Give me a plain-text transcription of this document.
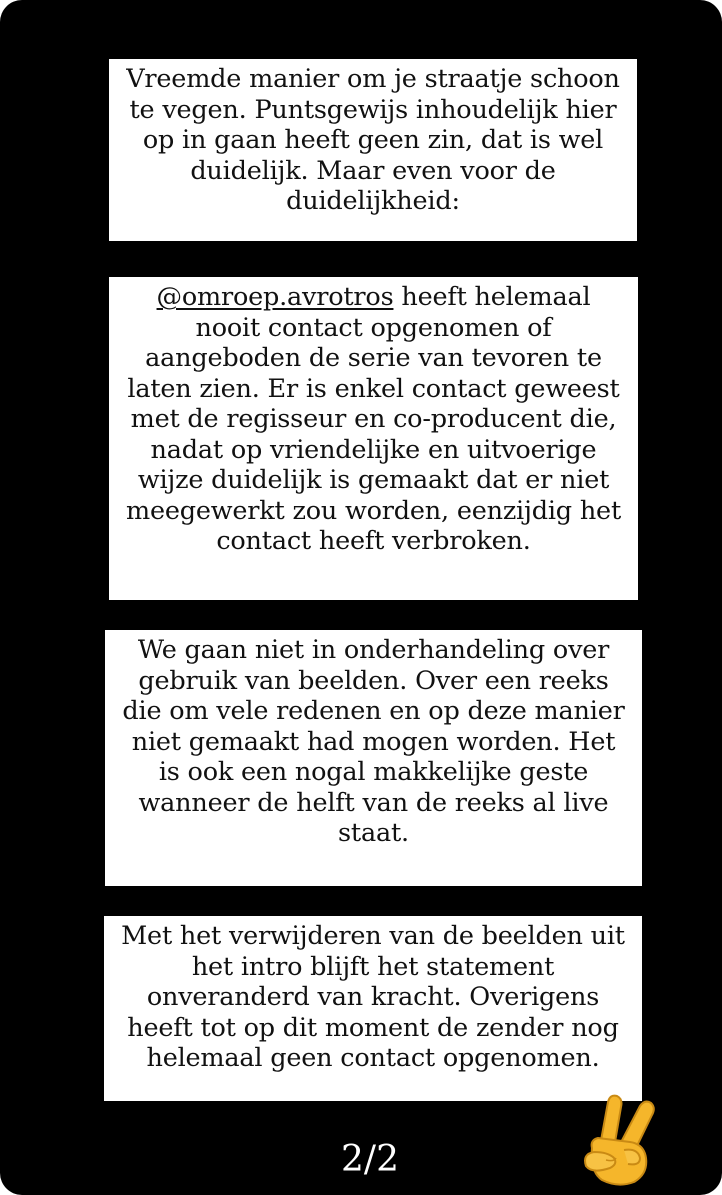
Vreemde manier om je straatje schoon
te vegen. Puntsgewijs inhoudelijk hier
op in gaan heeft geen zin, dat is wel
duidelijk. Maar even voor de
duidelijkheid:
@omroep.avrotros heeft helemaal
nooit contact opgenomen of
aangeboden de serie van tevoren te
laten zien. Er is enkel contact geweest
met de regisseur en co-producent die,
nadat op vriendelijke en uitvoerige
wijze duidelijk is gemaakt dat er niet
meegewerkt zou worden, eenzijdig het
contact heeft verbroken.
We gaan niet in onderhandeling over
gebruik van beelden. Over een reeks
die om vele redenen en op deze manier
niet gemaakt had mogen worden. Het
is ook een nogal makkelijke geste
wanneer de helft van de reeks al live
staat.
Met het verwijderen van de beelden uit
het intro blijft het statement
onveranderd van kracht. Overigens
heeft tot op dit moment de zender nog
helemaal geen contact opgenomen.
2/2
